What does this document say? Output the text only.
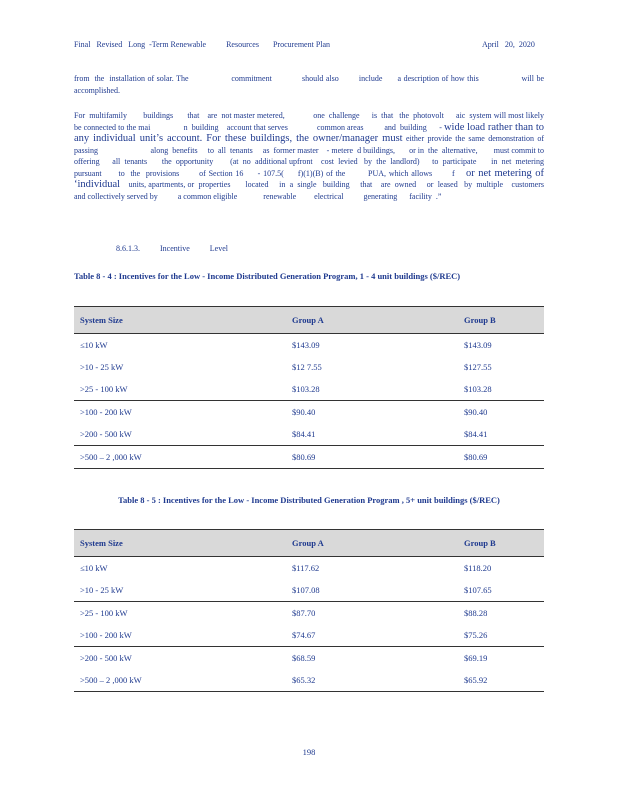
Final   Revised   Long  -Term Renewable          Resources       Procurement Plan	April   20,  2020
from  the  installation of solar. The                 commitment            should also        include      a description of how this                 will be accomplished.
For  multifamily        buildings       that    are  not master metered,              one  challenge      is  that   the  photovolt      aic  system will most likely          be connected to the mai                n  building    account that serves              common areas          and  building      - wide load rather than to any individual unit’s account. For these buildings, the owner/manager must either provide the same demonstration of passing                          along  benefits     to  all  tenants     as  former master    - metere  d buildings,       or in  the  alternative,        must commit to          offering      all  tenants       the  opportunity        (at  no  additional upfront    cost  levied   by  the  landlord)      to  participate       in  net  metering      pursuant      to  the  provisions       of Section 16     - 107.5(     f)(1)(B) of the        PUA, which allows       f    or net metering of ‘individual    units, apartments, or  properties       located     in  a  single   building     that    are  owned     or  leased   by  multiple    customers       and collectively served by          a common eligible             renewable         electrical          generating      facility  .”
8.6.1.3.	Incentive          Level
Table 8 - 4 : Incentives for the Low - Income Distributed Generation Program, 1 - 4 unit buildings ($/REC)
System Size	Group A	Group B
≤10 kW	$143.09	$143.09
>10 - 25 kW	$12 7.55	$127.55
>25 - 100 kW	$103.28	$103.28
>100 - 200 kW	$90.40	$90.40
>200 - 500 kW	$84.41	$84.41
>500 – 2 ,000 kW	$80.69	$80.69
Table 8 - 5 : Incentives for the Low - Income Distributed Generation Program , 5+ unit buildings ($/REC)
System Size	Group A	Group B
≤10 kW	$117.62	$118.20
>10 - 25 kW	$107.08	$107.65
>25 - 100 kW	$87.70	$88.28
>100 - 200 kW	$74.67	$75.26
>200 - 500 kW	$68.59	$69.19
>500 – 2 ,000 kW	$65.32	$65.92
198
